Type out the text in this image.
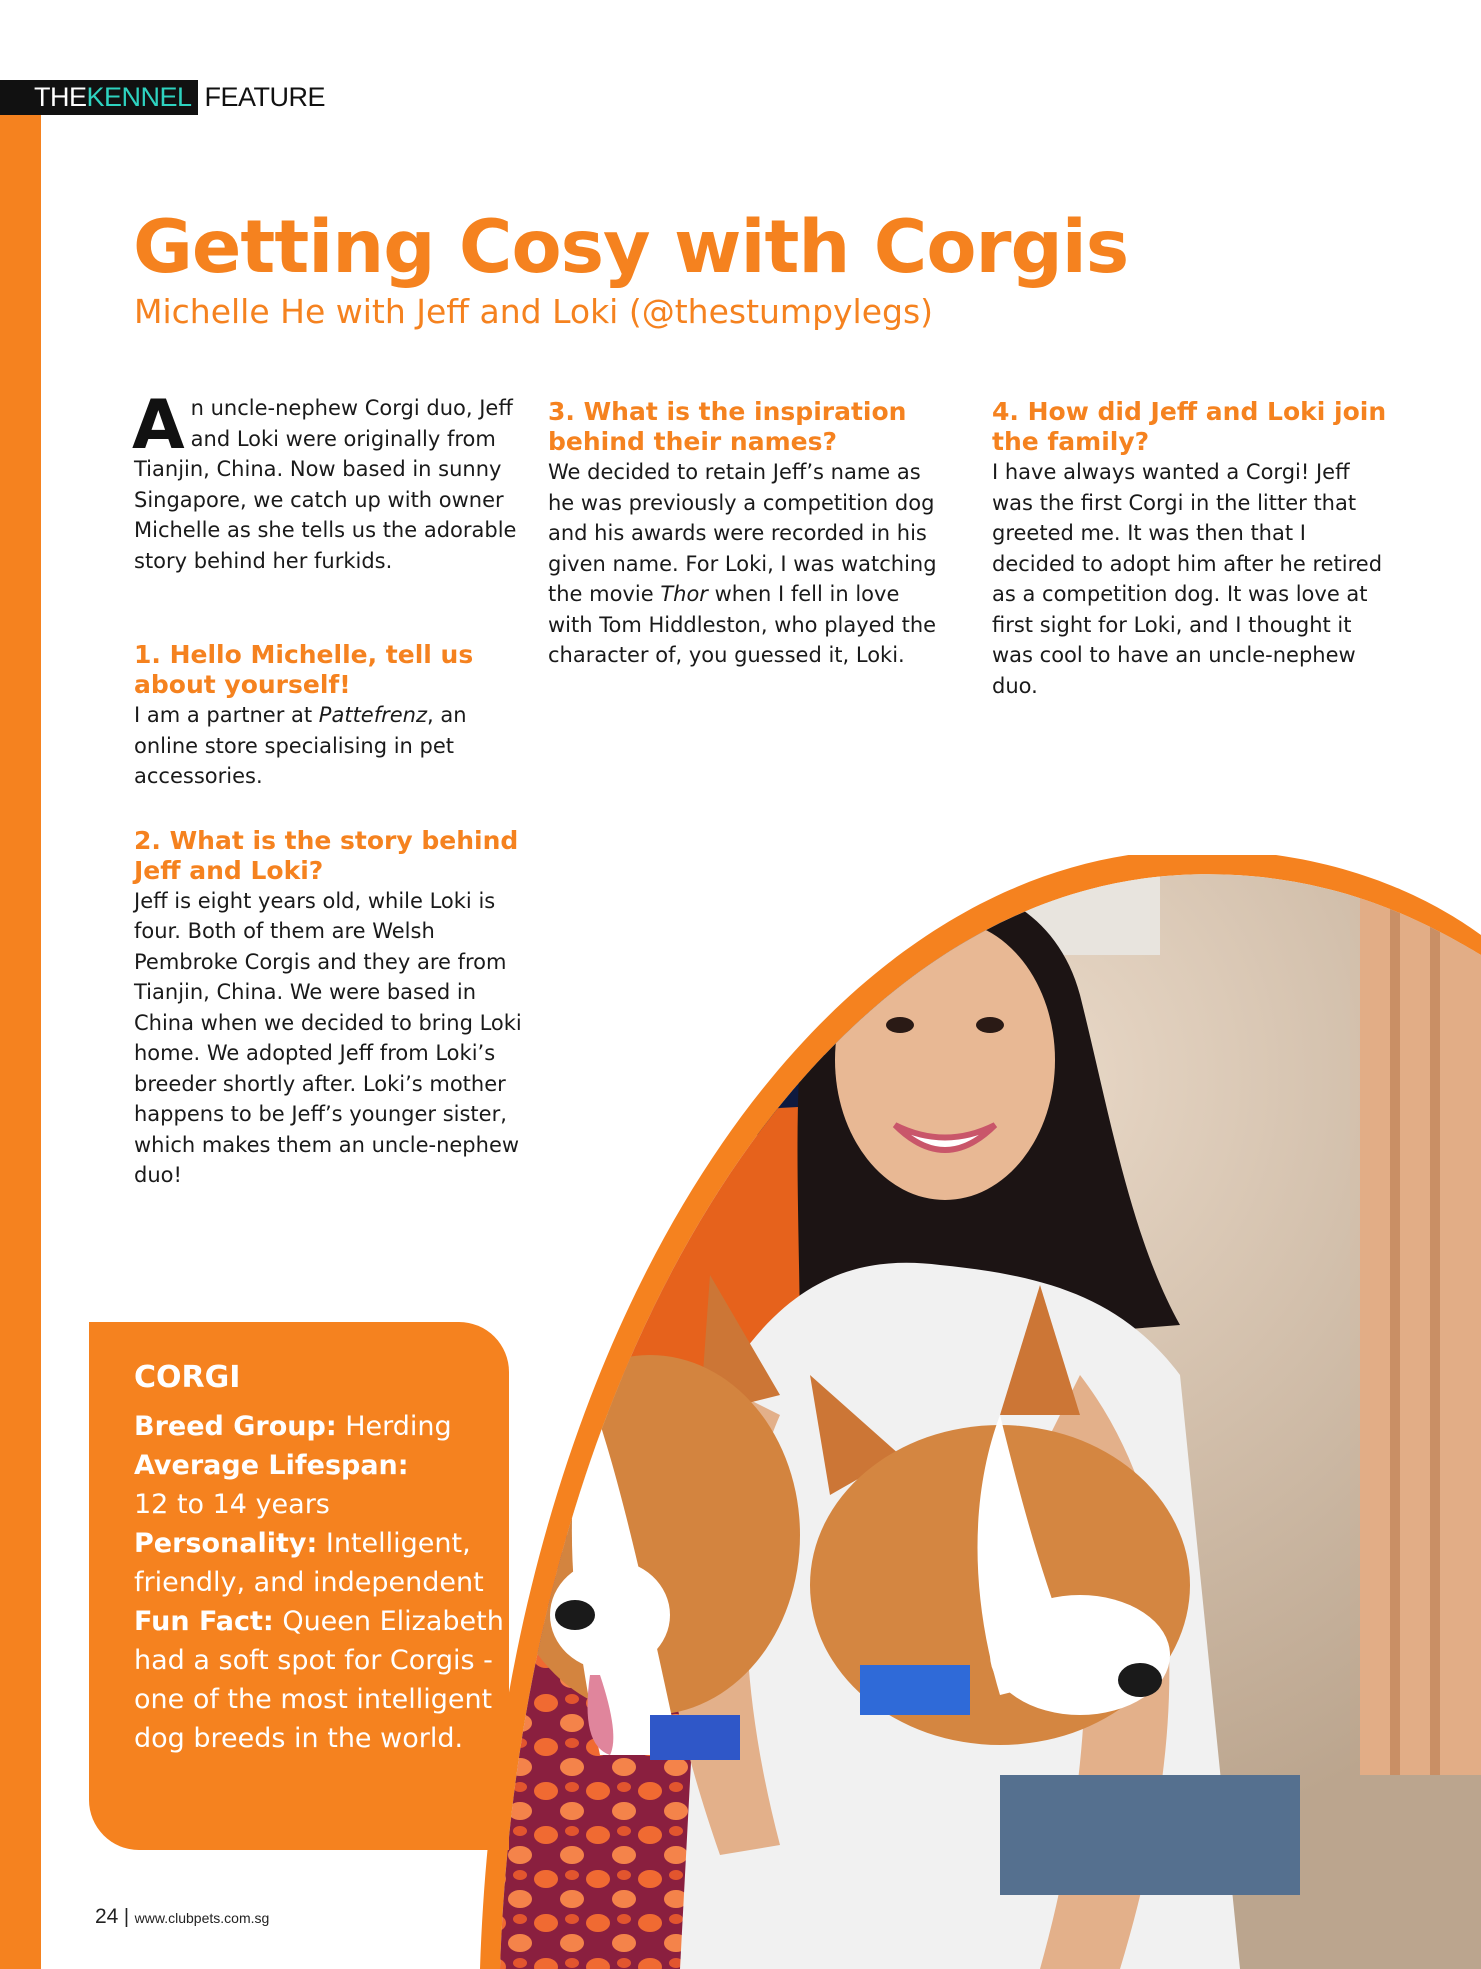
THE KENNEL FEATURE
Getting Cosy with Corgis
Michelle He with Jeff and Loki (@thestumpylegs)

An uncle-nephew Corgi duo, Jeff and Loki were originally from Tianjin, China. Now based in sunny Singapore, we catch up with owner Michelle as she tells us the adorable story behind her furkids.

1. Hello Michelle, tell us about yourself!

I am a partner at Pattefrenz, an online store specialising in pet accessories.

2. What is the story behind Jeff and Loki?

Jeff is eight years old, while Loki is four. Both of them are Welsh Pembroke Corgis and they are from Tianjin, China. We were based in China when we decided to bring Loki home. We adopted Jeff from Loki’s breeder shortly after. Loki’s mother happens to be Jeff’s younger sister, which makes them an uncle-nephew duo!

3. What is the inspiration behind their names?

We decided to retain Jeff’s name as he was previously a competition dog and his awards were recorded in his given name. For Loki, I was watching the movie Thor when I fell in love with Tom Hiddleston, who played the character of, you guessed it, Loki.

4. How did Jeff and Loki join the family?

I have always wanted a Corgi! Jeff was the first Corgi in the litter that greeted me. It was then that I decided to adopt him after he retired as a competition dog. It was love at first sight for Loki, and I thought it was cool to have an uncle-nephew duo.

CORGI

Breed Group: Herding

Average Lifespan:

12 to 14 years

Personality: Intelligent, friendly, and independent

Fun Fact: Queen Elizabeth had a soft spot for Corgis - one of the most intelligent dog breeds in the world.

24 | www.clubpets.com.sg
